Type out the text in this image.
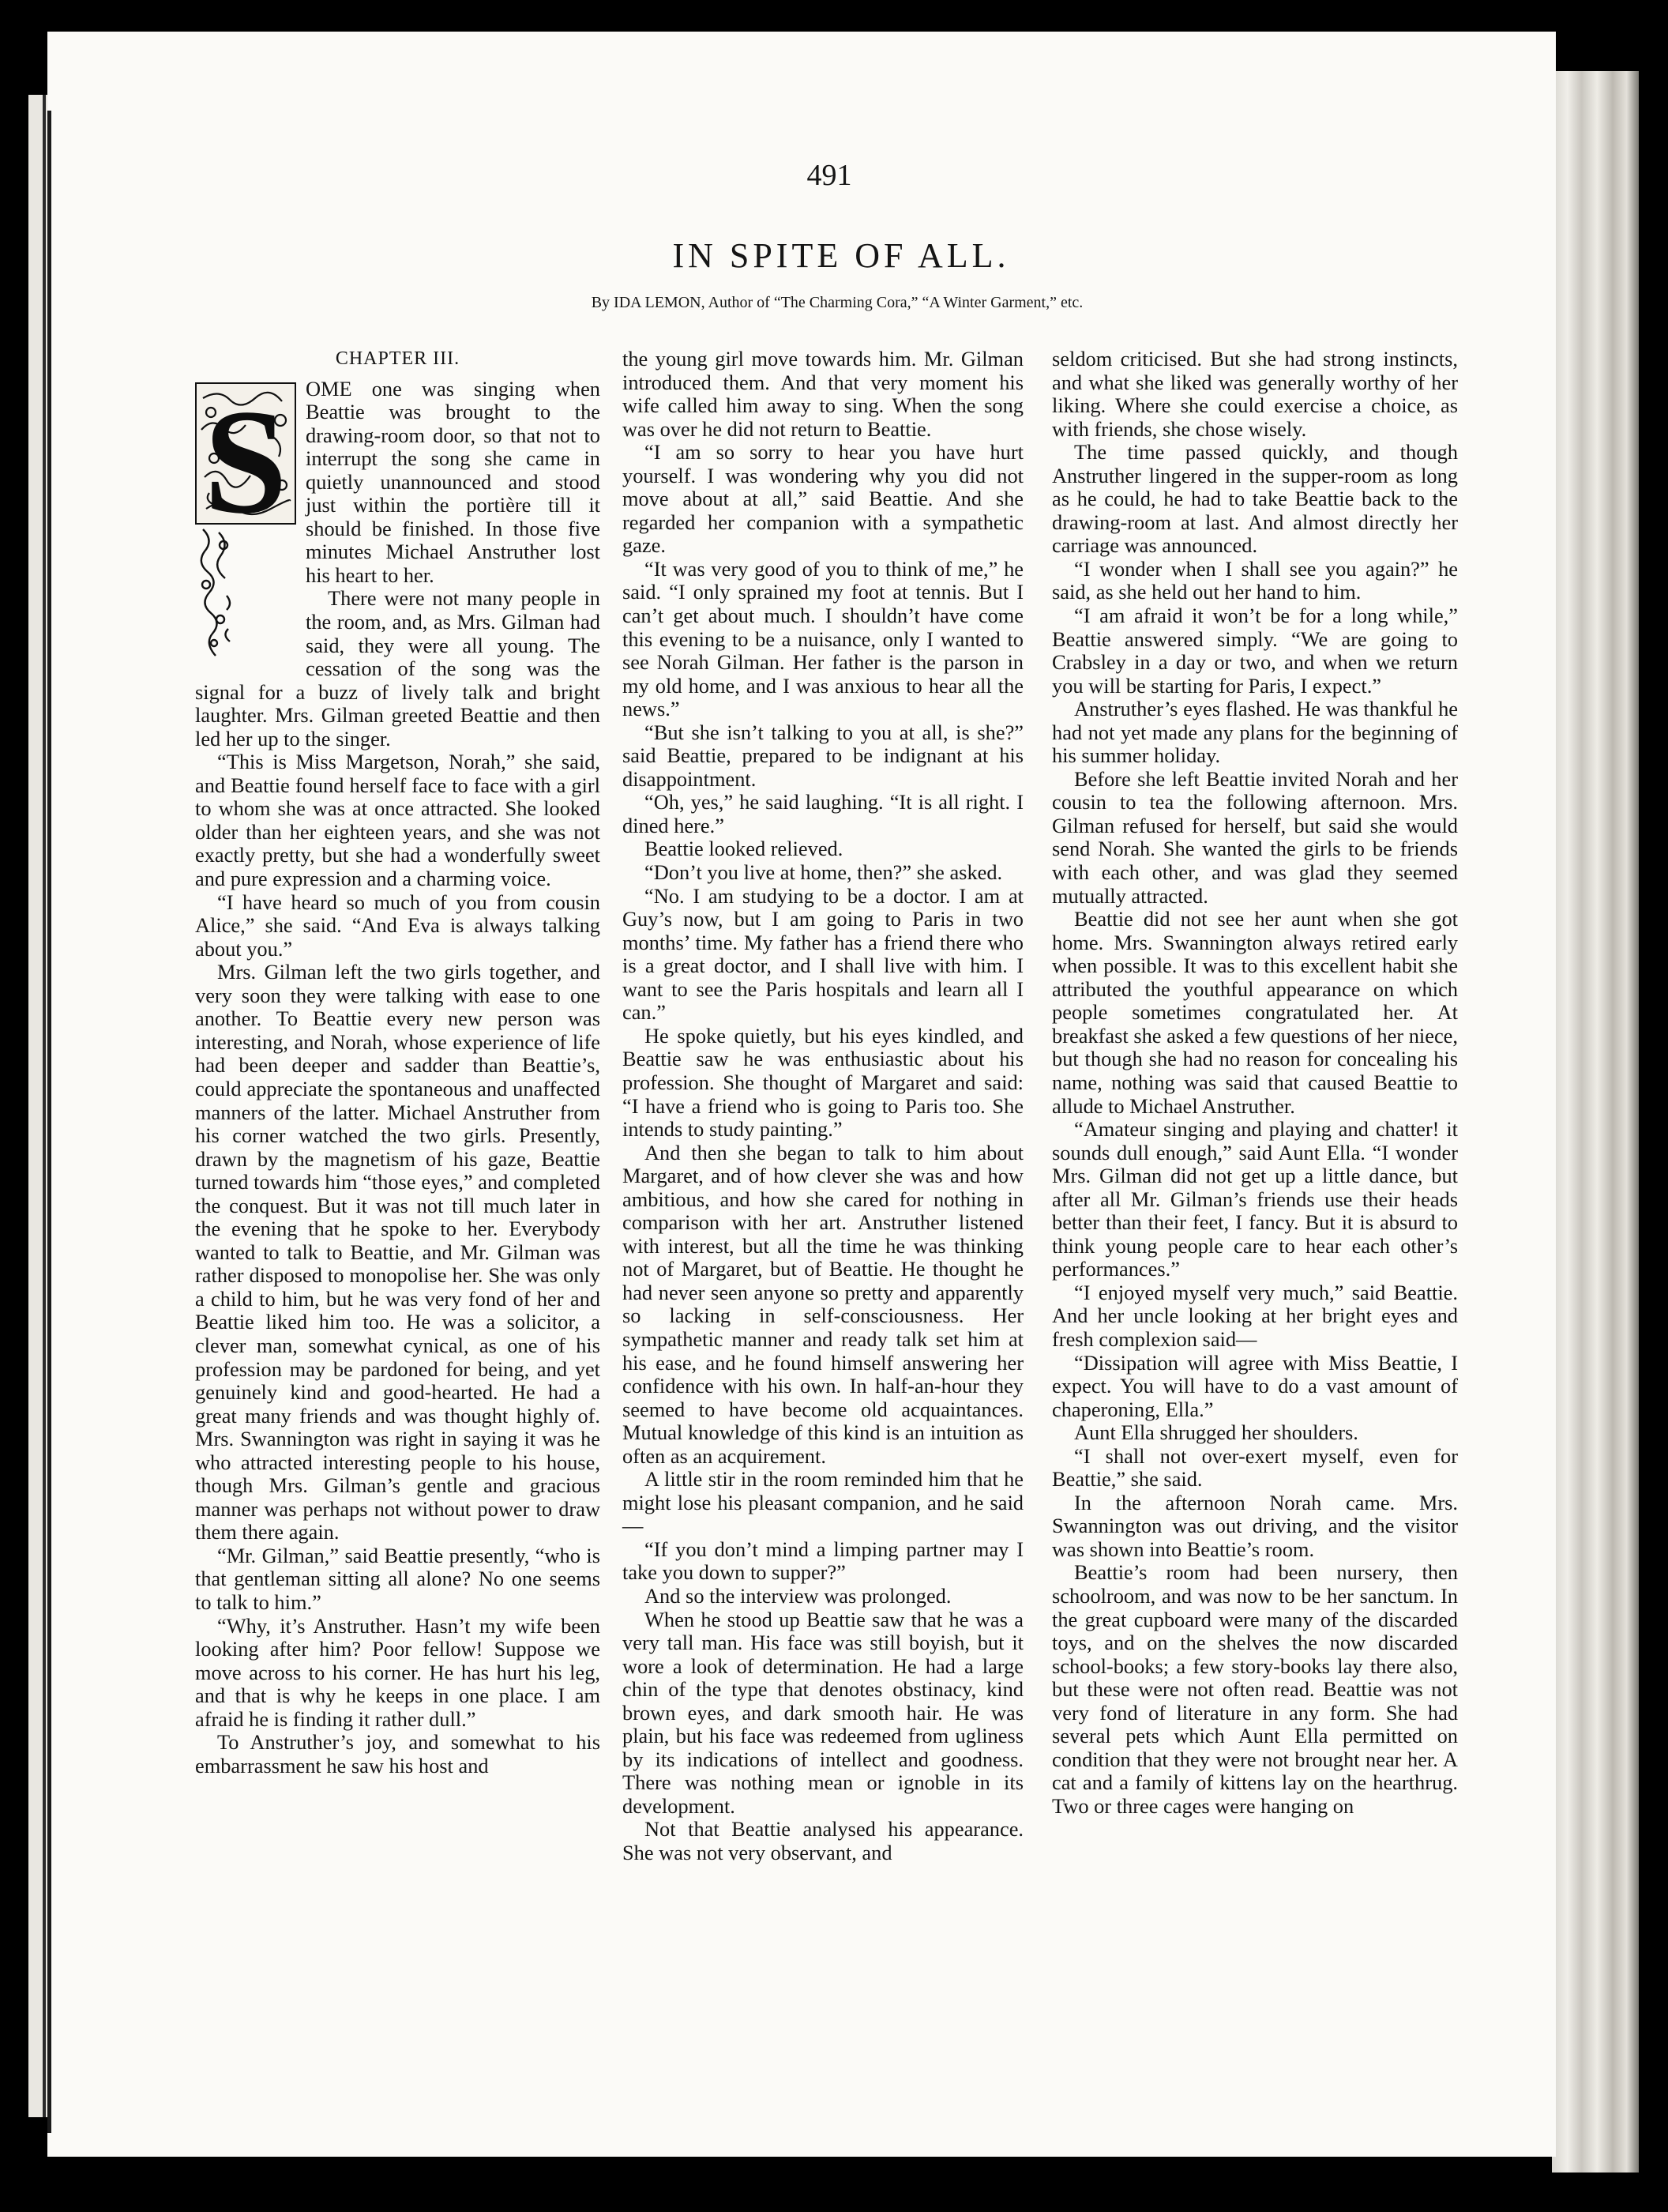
491
IN SPITE OF ALL.
By IDA LEMON, Author of “The Charming Cora,” “A Winter Garment,” etc.
CHAPTER III.
S OME one was singing when Beattie was brought to the drawing-room door, so that not to interrupt the song she came in quietly unannounced and stood just within the portière till it should be finished. In those five minutes Michael Anstruther lost his heart to her.

There were not many people in the room, and, as Mrs. Gilman had said, they were all young. The cessation of the song was the signal for a buzz of lively talk and bright laughter. Mrs. Gilman greeted Beattie and then led her up to the singer.

“This is Miss Margetson, Norah,” she said, and Beattie found herself face to face with a girl to whom she was at once attracted. She looked older than her eighteen years, and she was not exactly pretty, but she had a wonderfully sweet and pure expression and a charming voice.

“I have heard so much of you from cousin Alice,” she said. “And Eva is always talking about you.”

Mrs. Gilman left the two girls together, and very soon they were talking with ease to one another. To Beattie every new person was interesting, and Norah, whose experience of life had been deeper and sadder than Beattie’s, could appreciate the spontaneous and unaffected manners of the latter. Michael Anstruther from his corner watched the two girls. Presently, drawn by the magnetism of his gaze, Beattie turned towards him “those eyes,” and completed the conquest. But it was not till much later in the evening that he spoke to her. Everybody wanted to talk to Beattie, and Mr. Gilman was rather disposed to monopolise her. She was only a child to him, but he was very fond of her and Beattie liked him too. He was a solicitor, a clever man, somewhat cynical, as one of his profession may be pardoned for being, and yet genuinely kind and good-hearted. He had a great many friends and was thought highly of. Mrs. Swannington was right in saying it was he who attracted interesting people to his house, though Mrs. Gilman’s gentle and gracious manner was perhaps not without power to draw them there again.

“Mr. Gilman,” said Beattie presently, “who is that gentleman sitting all alone? No one seems to talk to him.”

“Why, it’s Anstruther. Hasn’t my wife been looking after him? Poor fellow! Suppose we move across to his corner. He has hurt his leg, and that is why he keeps in one place. I am afraid he is finding it rather dull.”

To Anstruther’s joy, and somewhat to his embarrassment he saw his host and

the young girl move towards him. Mr. Gilman introduced them. And that very moment his wife called him away to sing. When the song was over he did not return to Beattie.

“I am so sorry to hear you have hurt yourself. I was wondering why you did not move about at all,” said Beattie. And she regarded her companion with a sympathetic gaze.

“It was very good of you to think of me,” he said. “I only sprained my foot at tennis. But I can’t get about much. I shouldn’t have come this evening to be a nuisance, only I wanted to see Norah Gilman. Her father is the parson in my old home, and I was anxious to hear all the news.”

“But she isn’t talking to you at all, is she?” said Beattie, prepared to be indignant at his disappointment.

“Oh, yes,” he said laughing. “It is all right. I dined here.”

Beattie looked relieved.

“Don’t you live at home, then?” she asked.

“No. I am studying to be a doctor. I am at Guy’s now, but I am going to Paris in two months’ time. My father has a friend there who is a great doctor, and I shall live with him. I want to see the Paris hospitals and learn all I can.”

He spoke quietly, but his eyes kindled, and Beattie saw he was enthusiastic about his profession. She thought of Margaret and said: “I have a friend who is going to Paris too. She intends to study painting.”

And then she began to talk to him about Margaret, and of how clever she was and how ambitious, and how she cared for nothing in comparison with her art. Anstruther listened with interest, but all the time he was thinking not of Margaret, but of Beattie. He thought he had never seen anyone so pretty and apparently so lacking in self-consciousness. Her sympathetic manner and ready talk set him at his ease, and he found himself answering her confidence with his own. In half-an-hour they seemed to have become old acquaintances. Mutual knowledge of this kind is an intuition as often as an acquirement.

A little stir in the room reminded him that he might lose his pleasant companion, and he said—

“If you don’t mind a limping partner may I take you down to supper?”

And so the interview was prolonged.

When he stood up Beattie saw that he was a very tall man. His face was still boyish, but it wore a look of determination. He had a large chin of the type that denotes obstinacy, kind brown eyes, and dark smooth hair. He was plain, but his face was redeemed from ugliness by its indications of intellect and goodness. There was nothing mean or ignoble in its development.

Not that Beattie analysed his appearance. She was not very observant, and

seldom criticised. But she had strong instincts, and what she liked was generally worthy of her liking. Where she could exercise a choice, as with friends, she chose wisely.

The time passed quickly, and though Anstruther lingered in the supper-room as long as he could, he had to take Beattie back to the drawing-room at last. And almost directly her carriage was announced.

“I wonder when I shall see you again?” he said, as she held out her hand to him.

“I am afraid it won’t be for a long while,” Beattie answered simply. “We are going to Crabsley in a day or two, and when we return you will be starting for Paris, I expect.”

Anstruther’s eyes flashed. He was thankful he had not yet made any plans for the beginning of his summer holiday.

Before she left Beattie invited Norah and her cousin to tea the following afternoon. Mrs. Gilman refused for herself, but said she would send Norah. She wanted the girls to be friends with each other, and was glad they seemed mutually attracted.

Beattie did not see her aunt when she got home. Mrs. Swannington always retired early when possible. It was to this excellent habit she attributed the youthful appearance on which people sometimes congratulated her. At breakfast she asked a few questions of her niece, but though she had no reason for concealing his name, nothing was said that caused Beattie to allude to Michael Anstruther.

“Amateur singing and playing and chatter! it sounds dull enough,” said Aunt Ella. “I wonder Mrs. Gilman did not get up a little dance, but after all Mr. Gilman’s friends use their heads better than their feet, I fancy. But it is absurd to think young people care to hear each other’s performances.”

“I enjoyed myself very much,” said Beattie. And her uncle looking at her bright eyes and fresh complexion said—

“Dissipation will agree with Miss Beattie, I expect. You will have to do a vast amount of chaperoning, Ella.”

Aunt Ella shrugged her shoulders.

“I shall not over-exert myself, even for Beattie,” she said.

In the afternoon Norah came. Mrs. Swannington was out driving, and the visitor was shown into Beattie’s room.

Beattie’s room had been nursery, then schoolroom, and was now to be her sanctum. In the great cupboard were many of the discarded toys, and on the shelves the now discarded school-books; a few story-books lay there also, but these were not often read. Beattie was not very fond of literature in any form. She had several pets which Aunt Ella permitted on condition that they were not brought near her. A cat and a family of kittens lay on the hearthrug. Two or three cages were hanging on
